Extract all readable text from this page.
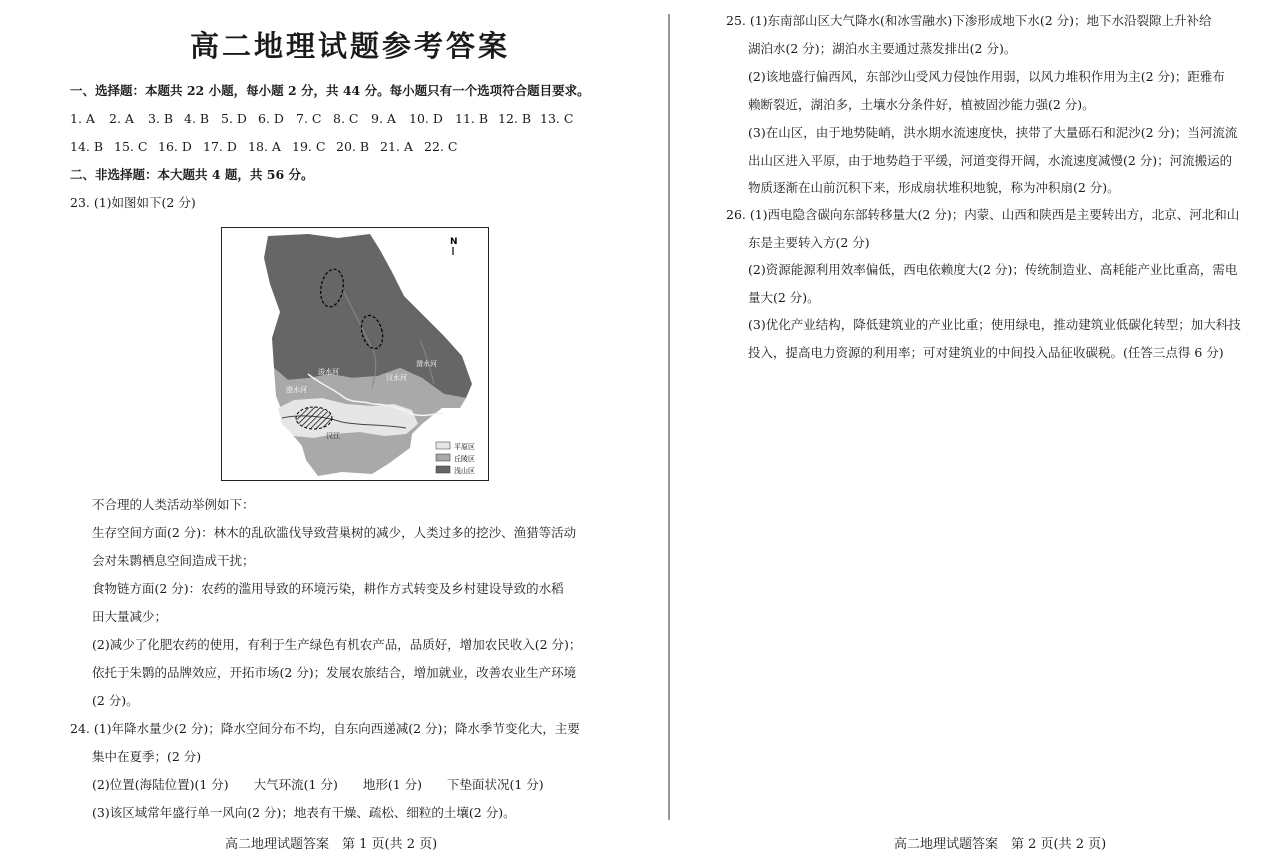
高二地理试题参考答案
一、选择题：本题共 22 小题，每小题 2 分，共 44 分。每小题只有一个选项符合题目要求。
1. A 2. A 3. B 4. B 5. D 6. D 7. C 8. C 9. A 10. D 11. B 12. B 13. C
14. B 15. C 16. D 17. D 18. A 19. C 20. B 21. A 22. C
二、非选择题：本大题共 4 题，共 56 分。
23. (1)如图如下(2 分)
N
浚水河
澄水河
汉水河
渭水河
汉江
平原区
丘陵区
浅山区
不合理的人类活动举例如下：
生存空间方面(2 分)：林木的乱砍滥伐导致营巢树的减少，人类过多的挖沙、渔猎等活动
会对朱鹮栖息空间造成干扰；
食物链方面(2 分)：农药的滥用导致的环境污染，耕作方式转变及乡村建设导致的水稻
田大量减少；
(2)减少了化肥农药的使用，有利于生产绿色有机农产品，品质好，增加农民收入(2 分)；
依托于朱鹮的品牌效应，开拓市场(2 分)；发展农旅结合，增加就业，改善农业生产环境
(2 分)。
24. (1)年降水量少(2 分)；降水空间分布不均，自东向西递减(2 分)；降水季节变化大，主要
集中在夏季；(2 分)
(2)位置(海陆位置)(1 分)　　大气环流(1 分)　　地形(1 分)　　下垫面状况(1 分)
(3)该区域常年盛行单一风向(2 分)；地表有干燥、疏松、细粒的土壤(2 分)。
高二地理试题答案　第 1 页(共 2 页)
25. (1)东南部山区大气降水(和冰雪融水)下渗形成地下水(2 分)；地下水沿裂隙上升补给
湖泊水(2 分)；湖泊水主要通过蒸发排出(2 分)。
(2)该地盛行偏西风，东部沙山受风力侵蚀作用弱，以风力堆积作用为主(2 分)；距雅布
赖断裂近，湖泊多，土壤水分条件好，植被固沙能力强(2 分)。
(3)在山区，由于地势陡峭，洪水期水流速度快，挟带了大量砾石和泥沙(2 分)；当河流流
出山区进入平原，由于地势趋于平缓，河道变得开阔，水流速度减慢(2 分)；河流搬运的
物质逐渐在山前沉积下来，形成扇状堆积地貌，称为冲积扇(2 分)。
26. (1)西电隐含碳向东部转移量大(2 分)；内蒙、山西和陕西是主要转出方，北京、河北和山
东是主要转入方(2 分)
(2)资源能源利用效率偏低，西电依赖度大(2 分)；传统制造业、高耗能产业比重高，需电
量大(2 分)。
(3)优化产业结构，降低建筑业的产业比重；使用绿电，推动建筑业低碳化转型；加大科技
投入，提高电力资源的利用率；可对建筑业的中间投入品征收碳税。(任答三点得 6 分)
高二地理试题答案　第 2 页(共 2 页)
